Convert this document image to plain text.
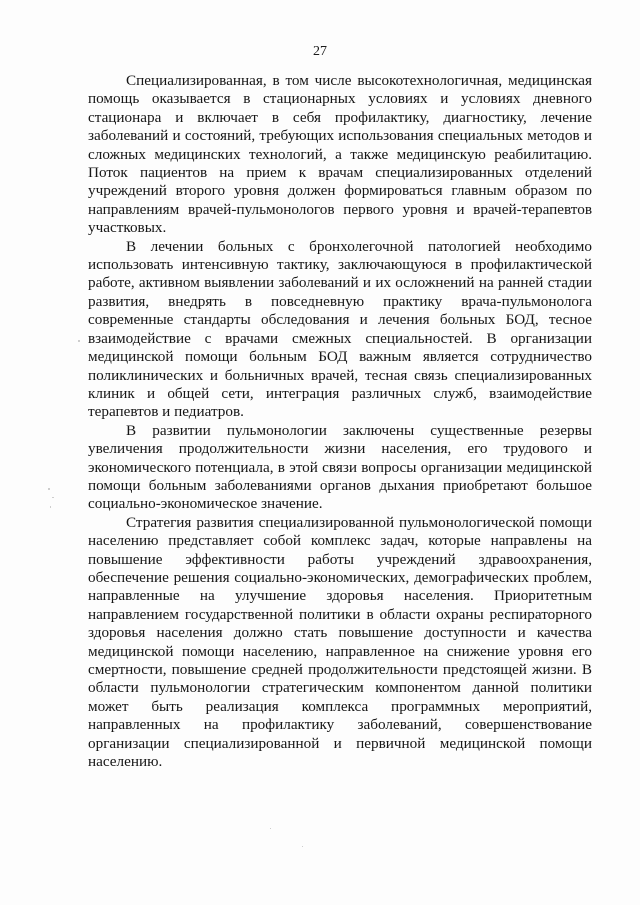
27

Специализированная, в том числе высокотехнологичная, медицинская помощь оказывается в стационарных условиях и условиях дневного стационара и включает в себя профилактику, диагностику, лечение заболеваний и состояний, требующих использования специальных методов и сложных медицинских технологий, а также медицинскую реабилитацию. Поток пациентов на прием к врачам специализированных отделений учреждений второго уровня должен формироваться главным образом по направлениям врачей-пульмонологов первого уровня и врачей-терапевтов участковых.

В лечении больных с бронхолегочной патологией необходимо использовать интенсивную тактику, заключающуюся в профилактической работе, активном выявлении заболеваний и их осложнений на ранней стадии развития, внедрять в повседневную практику врача-пульмонолога современные стандарты обследования и лечения больных БОД, тесное взаимодействие с врачами смежных специальностей. В организации медицинской помощи больным БОД важным является сотрудничество поликлинических и больничных врачей, тесная связь специализированных клиник и общей сети, интеграция различных служб, взаимодействие терапевтов и педиатров.

В развитии пульмонологии заключены существенные резервы увеличения продолжительности жизни населения, его трудового и экономического потенциала, в этой связи вопросы организации медицинской помощи больным заболеваниями органов дыхания приобретают большое социально-экономическое значение.

Стратегия развития специализированной пульмонологической помощи населению представляет собой комплекс задач, которые направлены на повышение эффективности работы учреждений здравоохранения, обеспечение решения социально-экономических, демографических проблем, направленные на улучшение здоровья населения. Приоритетным направлением государственной политики в области охраны респираторного здоровья населения должно стать повышение доступности и качества медицинской помощи населению, направленное на снижение уровня его смертности, повышение средней продолжительности предстоящей жизни. В области пульмонологии стратегическим компонентом данной политики может быть реализация комплекса программных мероприятий, направленных на профилактику заболеваний, совершенствование организации специализированной и первичной медицинской помощи населению.
